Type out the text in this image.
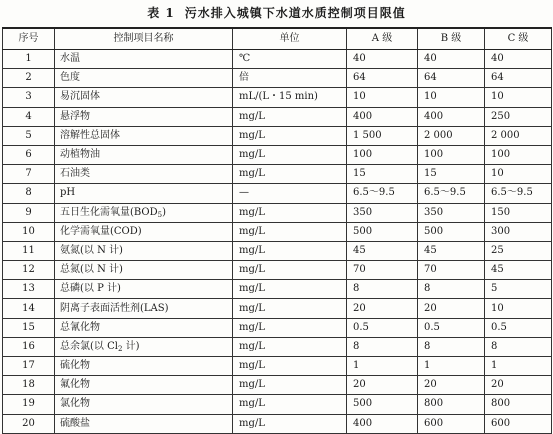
表 1 污水排入城镇下水道水质控制项目限值
序号	控制项目名称	单位	A 级	B 级	C 级
1	水温	℃	40	40	40
2	色度	倍	64	64	64
3	易沉固体	mL/(L・15 min)	10	10	10
4	悬浮物	mg/L	400	400	250
5	溶解性总固体	mg/L	1 500	2 000	2 000
6	动植物油	mg/L	100	100	100
7	石油类	mg/L	15	15	10
8	pH	—	6.5～9.5	6.5～9.5	6.5～9.5
9	五日生化需氧量$(BOD_5)$	mg/L	350	350	150
10	化学需氧量(COD)	mg/L	500	500	300
11	氨氮(以 N 计)	mg/L	45	45	25
12	总氮(以 N 计)	mg/L	70	70	45
13	总磷(以 P 计)	mg/L	8	8	5
14	阴离子表面活性剂(LAS)	mg/L	20	20	10
15	总氰化物	mg/L	0.5	0.5	0.5
16	总余氯(以 $Cl_2$ 计)	mg/L	8	8	8
17	硫化物	mg/L	1	1	1
18	氟化物	mg/L	20	20	20
19	氯化物	mg/L	500	800	800
20	硫酸盐	mg/L	400	600	600
